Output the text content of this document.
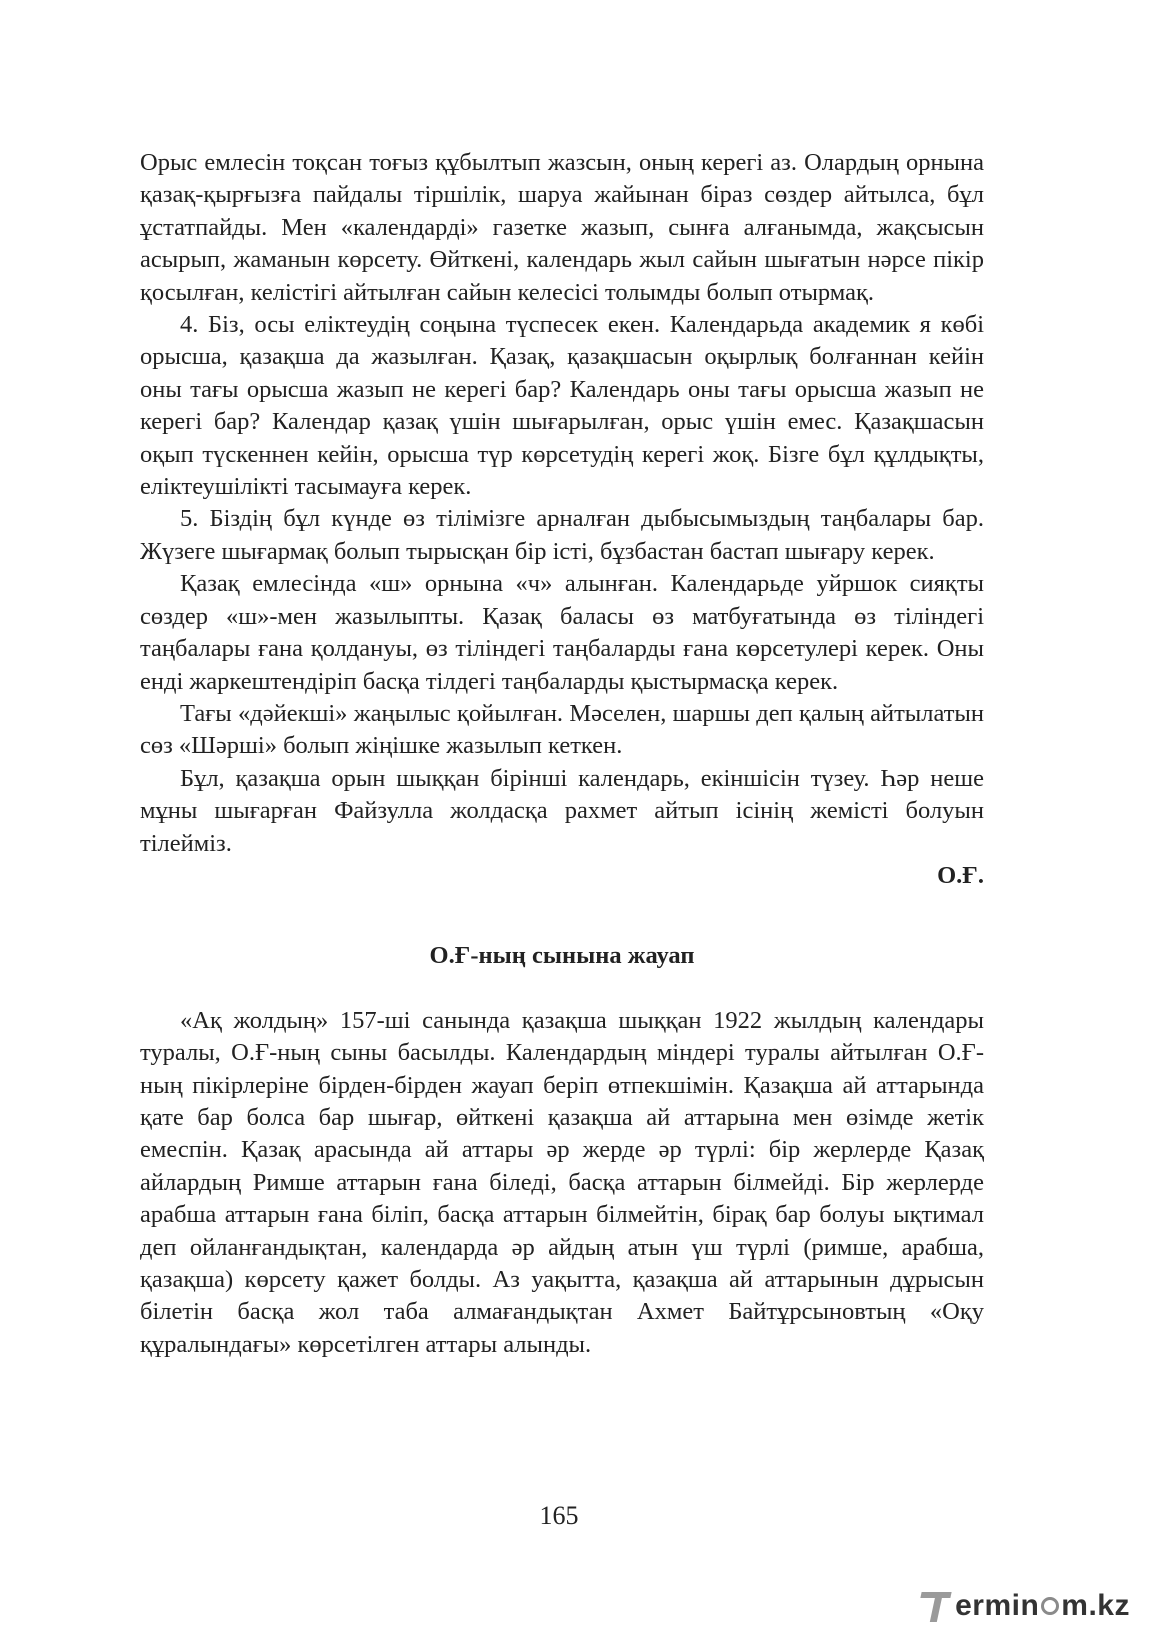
Орыс емлесін тоқсан тоғыз құбылтып жазсын, оның керегі аз. Олардың орнына қазақ-қырғызға пайдалы тіршілік, шаруа жайынан біраз сөздер айтылса, бұл ұстатпайды. Мен «календарді» газетке жазып, сынға алғанымда, жақсысын асырып, жаманын көрсету. Өйткені, календарь жыл сайын шығатын нәрсе пікір қосылған, келістігі айтылған сайын келесісі толымды болып отырмақ.

4. Біз, осы еліктеудің соңына түспесек екен. Календарьда академик я көбі орысша, қазақша да жазылған. Қазақ, қазақшасын оқырлық болғаннан кейін оны тағы орысша жазып не керегі бар? Календарь оны тағы орысша жазып не керегі бар? Календар қазақ үшін шығарылған, орыс үшін емес. Қазақшасын оқып түскеннен кейін, орысша түр көрсетудің керегі жоқ. Бізге бұл құлдықты, еліктеушілікті тасымауға керек.

5. Біздің бұл күнде өз тілімізге арналған дыбысымыздың таңбалары бар. Жүзеге шығармақ болып тырысқан бір істі, бұзбастан бастап шығару керек.

Қазақ емлесінда «ш» орнына «ч» алынған. Календарьде уйршок сияқты сөздер «ш»-мен жазылыпты. Қазақ баласы өз матбуғатында өз тіліндегі таңбалары ғана қолдануы, өз тіліндегі таңбаларды ғана көрсетулері керек. Оны енді жаркештендіріп басқа тілдегі таңбаларды қыстырмасқа керек.

Тағы «дәйекші» жаңылыс қойылған. Мәселен, шаршы деп қалың айтылатын сөз «Шәрші» болып жіңішке жазылып кеткен.

Бұл, қазақша орын шыққан бірінші календарь, екіншісін түзеу. Һәр неше мұны шығарған Файзулла жолдасқа рахмет айтып ісінің жемісті болуын тілейміз.

О.Ғ.

О.Ғ-ның сынына жауап

«Ақ жолдың» 157-ші санында қазақша шыққан 1922 жылдың календары туралы, О.Ғ-ның сыны басылды. Календардың міндері туралы айтылған О.Ғ-ның пікірлеріне бірден-бірден жауап беріп өтпекшімін. Қазақша ай аттарында қате бар болса бар шығар, өйткені қазақша ай аттарына мен өзімде жетік емеспін. Қазақ арасында ай аттары әр жерде әр түрлі: бір жерлерде Қазақ айлардың Римше аттарын ғана біледі, басқа аттарын білмейді. Бір жерлерде арабша аттарын ғана біліп, басқа аттарын білмейтін, бірақ бар болуы ықтимал деп ойланғандықтан, календарда әр айдың атын үш түрлі (римше, арабша, қазақша) көрсету қажет болды. Аз уақытта, қазақша ай аттарынын дұрысын білетін басқа жол таба алмағандықтан Ахмет Байтұрсыновтың «Оқу құралындағы» көрсетілген аттары алынды.

165
ermin m.kz
